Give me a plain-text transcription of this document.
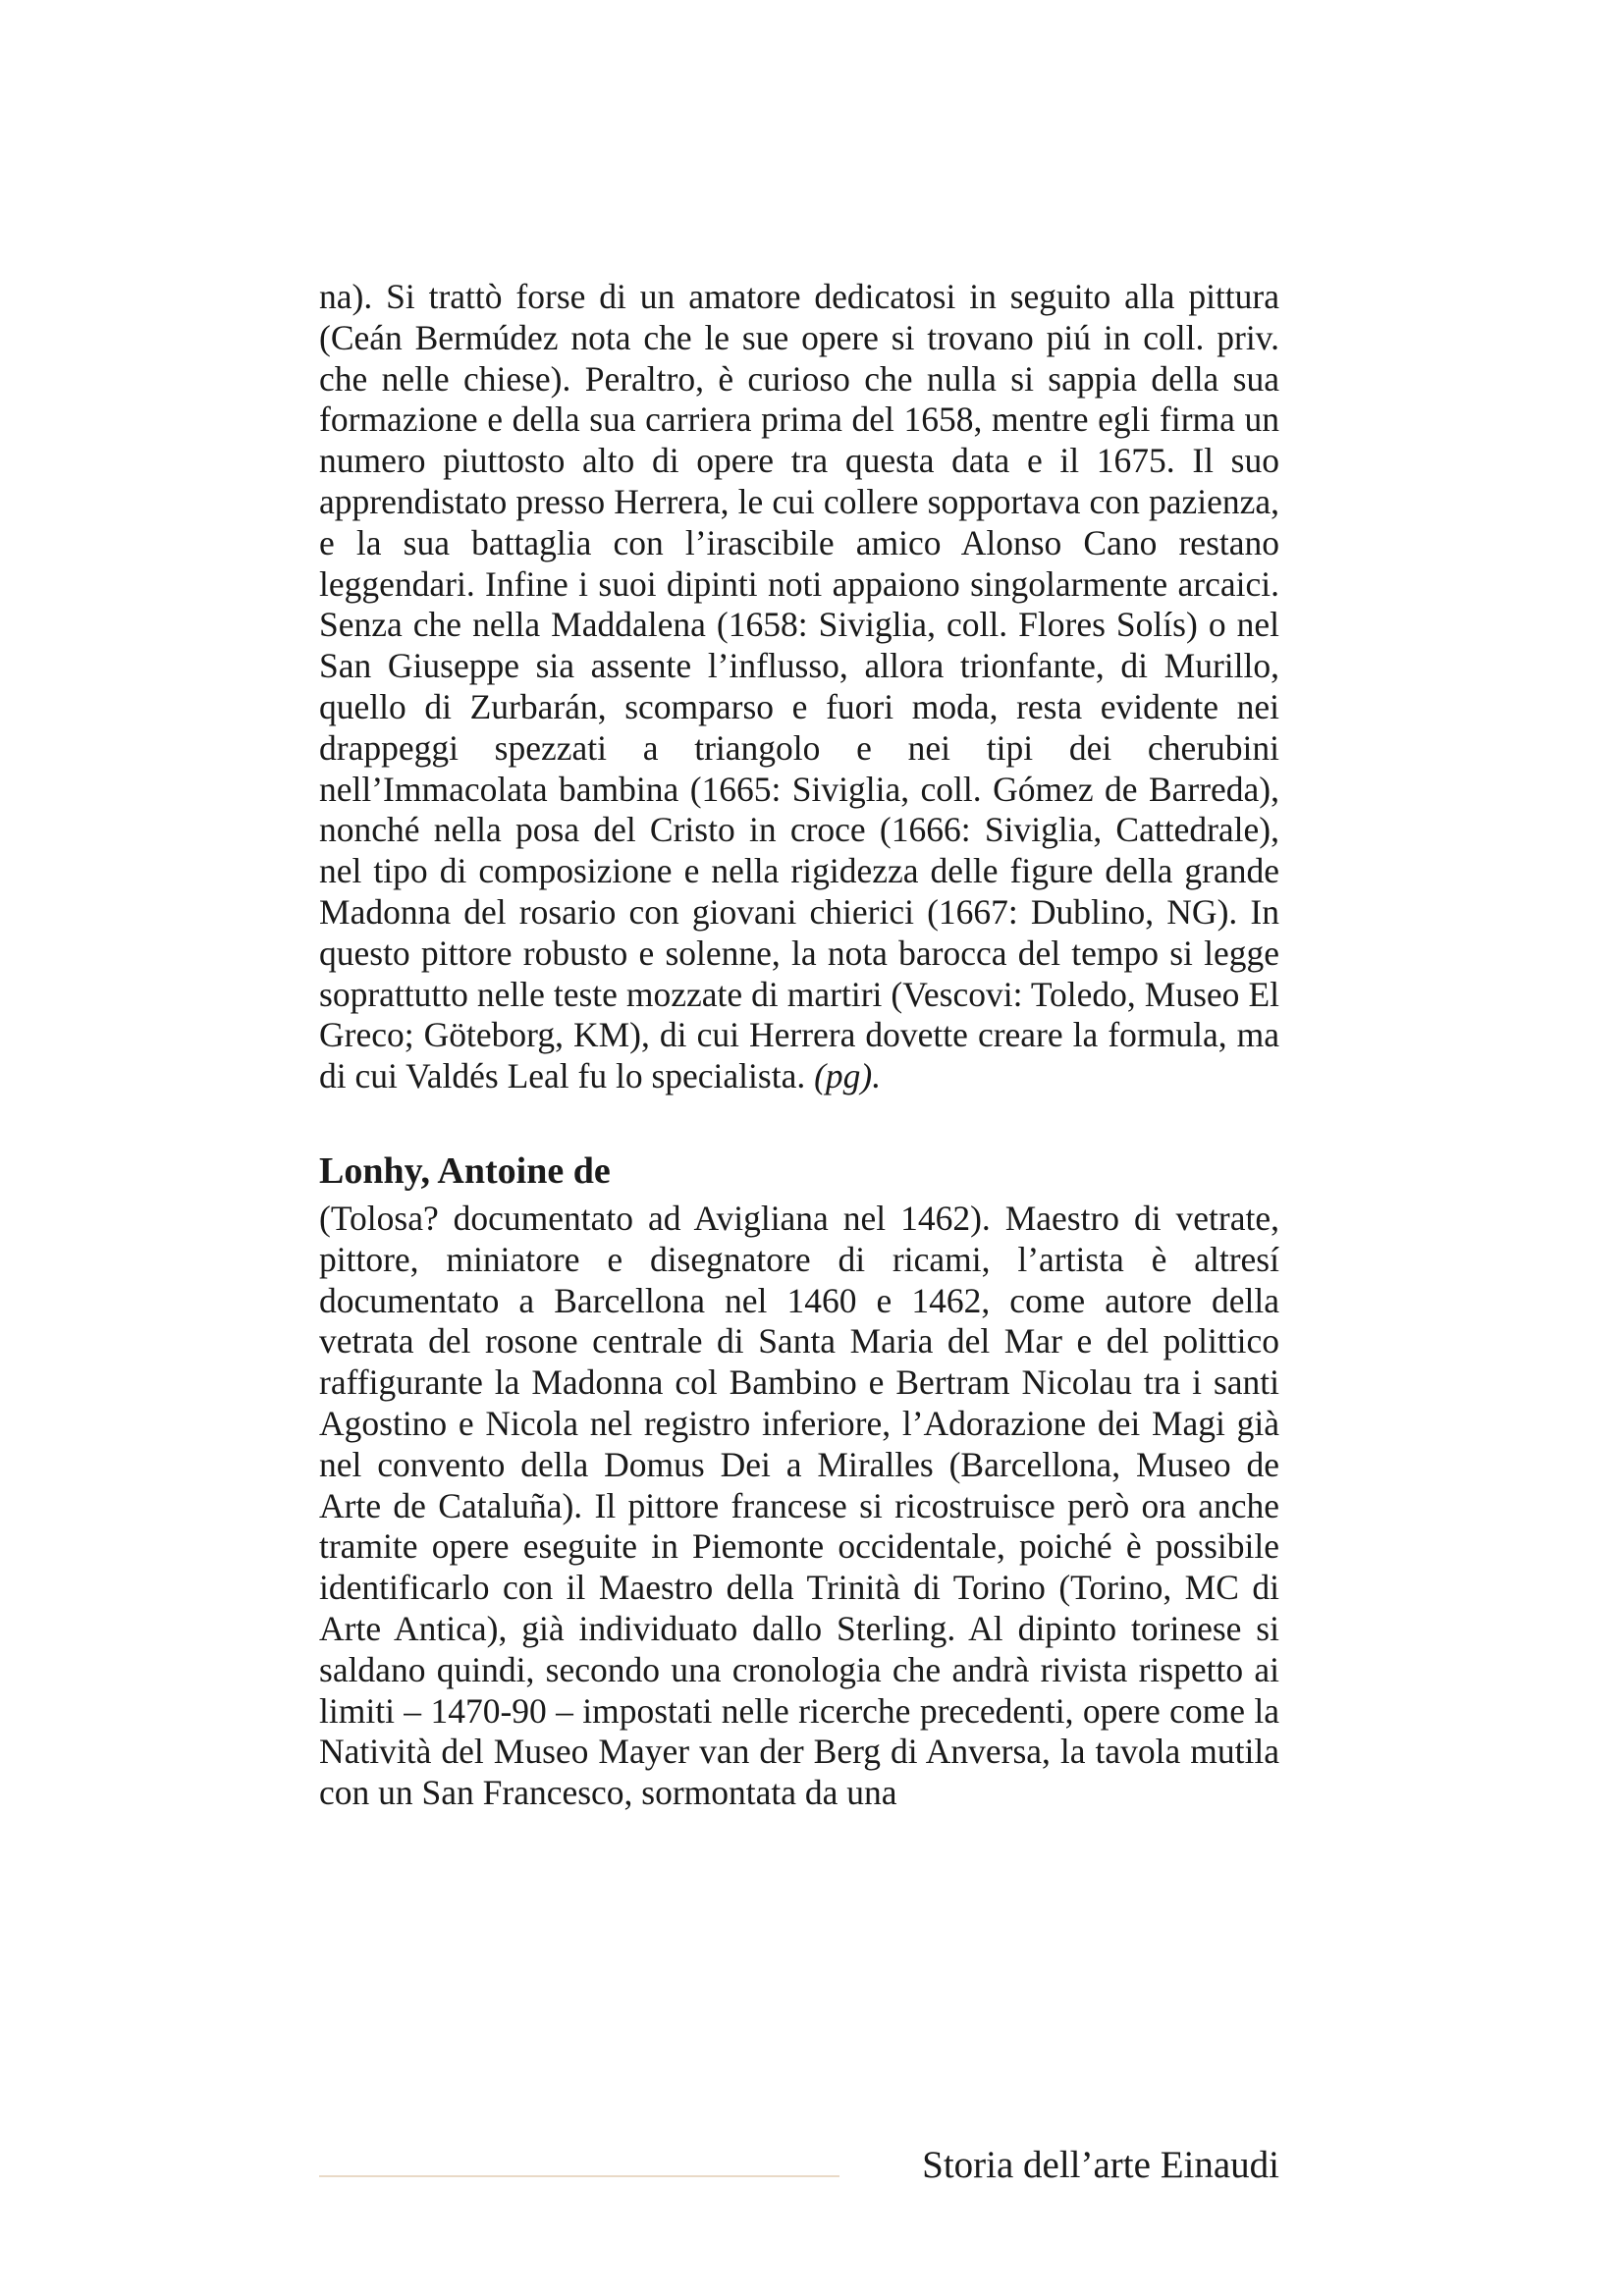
na). Si trattò forse di un amatore dedicatosi in seguito alla pittura (Ceán Bermúdez nota che le sue opere si trovano piú in coll. priv. che nelle chiese). Peraltro, è curioso che nulla si sappia della sua formazione e della sua carriera prima del 1658, mentre egli firma un numero piuttosto alto di opere tra questa data e il 1675. Il suo apprendistato presso Herrera, le cui collere sopportava con pazienza, e la sua battaglia con l’irascibile amico Alonso Cano restano leggendari. Infine i suoi dipinti noti appaiono singolarmente arcaici. Senza che nella Maddalena (1658: Siviglia, coll. Flores Solís) o nel San Giuseppe sia assente l’influsso, allora trionfante, di Murillo, quello di Zurbarán, scomparso e fuori moda, resta evidente nei drappeggi spezzati a triangolo e nei tipi dei cherubini nell’Immacolata bambina (1665: Siviglia, coll. Gómez de Barreda), nonché nella posa del Cristo in croce (1666: Siviglia, Cattedrale), nel tipo di composizione e nella rigidezza delle figure della grande Madonna del rosario con giovani chierici (1667: Dublino, NG). In questo pittore robusto e solenne, la nota barocca del tempo si legge soprattutto nelle teste mozzate di martiri (Vescovi: Toledo, Museo El Greco; Göteborg, KM), di cui Herrera dovette creare la formula, ma di cui Valdés Leal fu lo specialista. (pg).

Lonhy, Antoine de

(Tolosa? documentato ad Avigliana nel 1462). Maestro di vetrate, pittore, miniatore e disegnatore di ricami, l’artista è altresí documentato a Barcellona nel 1460 e 1462, come autore della vetrata del rosone centrale di Santa Maria del Mar e del polittico raffigurante la Madonna col Bambino e Bertram Nicolau tra i santi Agostino e Nicola nel registro inferiore, l’Adorazione dei Magi già nel convento della Domus Dei a Miralles (Barcellona, Museo de Arte de Cataluña). Il pittore francese si ricostruisce però ora anche tramite opere eseguite in Piemonte occidentale, poiché è possibile identificarlo con il Maestro della Trinità di Torino (Torino, MC di Arte Antica), già individuato dallo Sterling. Al dipinto torinese si saldano quindi, secondo una cronologia che andrà rivista rispetto ai limiti – 1470-90 – impostati nelle ricerche precedenti, opere come la Natività del Museo Mayer van der Berg di Anversa, la tavola mutila con un San Francesco, sormontata da una

Storia dell’arte Einaudi
